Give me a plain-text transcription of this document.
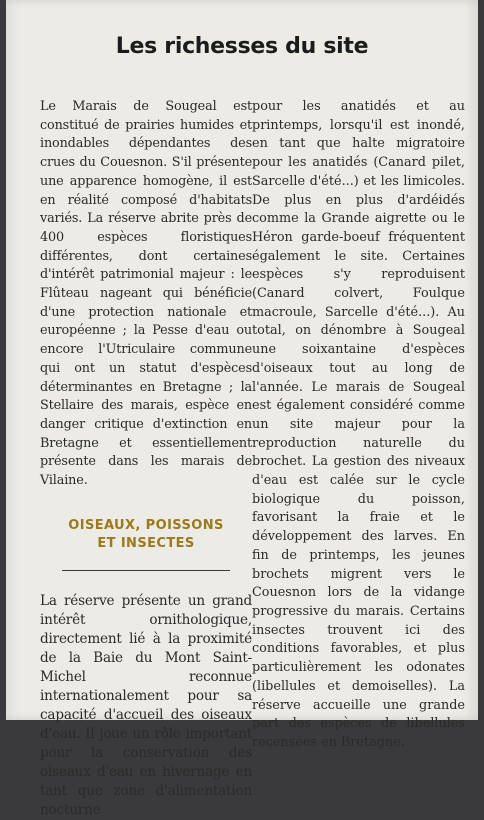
Les richesses du site

Le Marais de Sougeal est constitué de prairies humides et inondables dépendantes des crues du Couesnon. S'il présente une apparence homogène, il est en réalité composé d'habitats variés. La réserve abrite près de 400 espèces floristiques différentes, dont certaines d'intérêt patrimonial majeur : le Flûteau nageant qui bénéficie d'une protection nationale et européenne ; la Pesse d'eau ou encore l'Utriculaire commune qui ont un statut d'espèces déterminantes en Bretagne ; la Stellaire des marais, espèce en danger critique d'extinction en Bretagne et essentiellement présente dans les marais de Vilaine.

OISEAUX, POISSONS
ET INSECTES

La réserve présente un grand intérêt ornithologique, directement lié à la proximité de la Baie du Mont Saint-Michel reconnue internationalement pour sa capacité d'accueil des oiseaux d'eau. Il joue un rôle important pour la conservation des oiseaux d'eau en hivernage en tant que zone d'alimentation nocturne

pour les anatidés et au printemps, lorsqu'il est inondé, en tant que halte migratoire pour les anatidés (Canard pilet, Sarcelle d'été...) et les limicoles. De plus en plus d'ardéidés comme la Grande aigrette ou le Héron garde-boeuf fréquentent également le site. Certaines espèces s'y reproduisent (Canard colvert, Foulque macroule, Sarcelle d'été...). Au total, on dénombre à Sougeal une soixantaine d'espèces d'oiseaux tout au long de l'année. Le marais de Sougeal est également considéré comme un site majeur pour la reproduction naturelle du brochet. La gestion des niveaux d'eau est calée sur le cycle biologique du poisson, favorisant la fraie et le développement des larves. En fin de printemps, les jeunes brochets migrent vers le Couesnon lors de la vidange progressive du marais. Certains insectes trouvent ici des conditions favorables, et plus particulièrement les odonates (libellules et demoiselles). La réserve accueille une grande part des espèces de libellules recensées en Bretagne.
